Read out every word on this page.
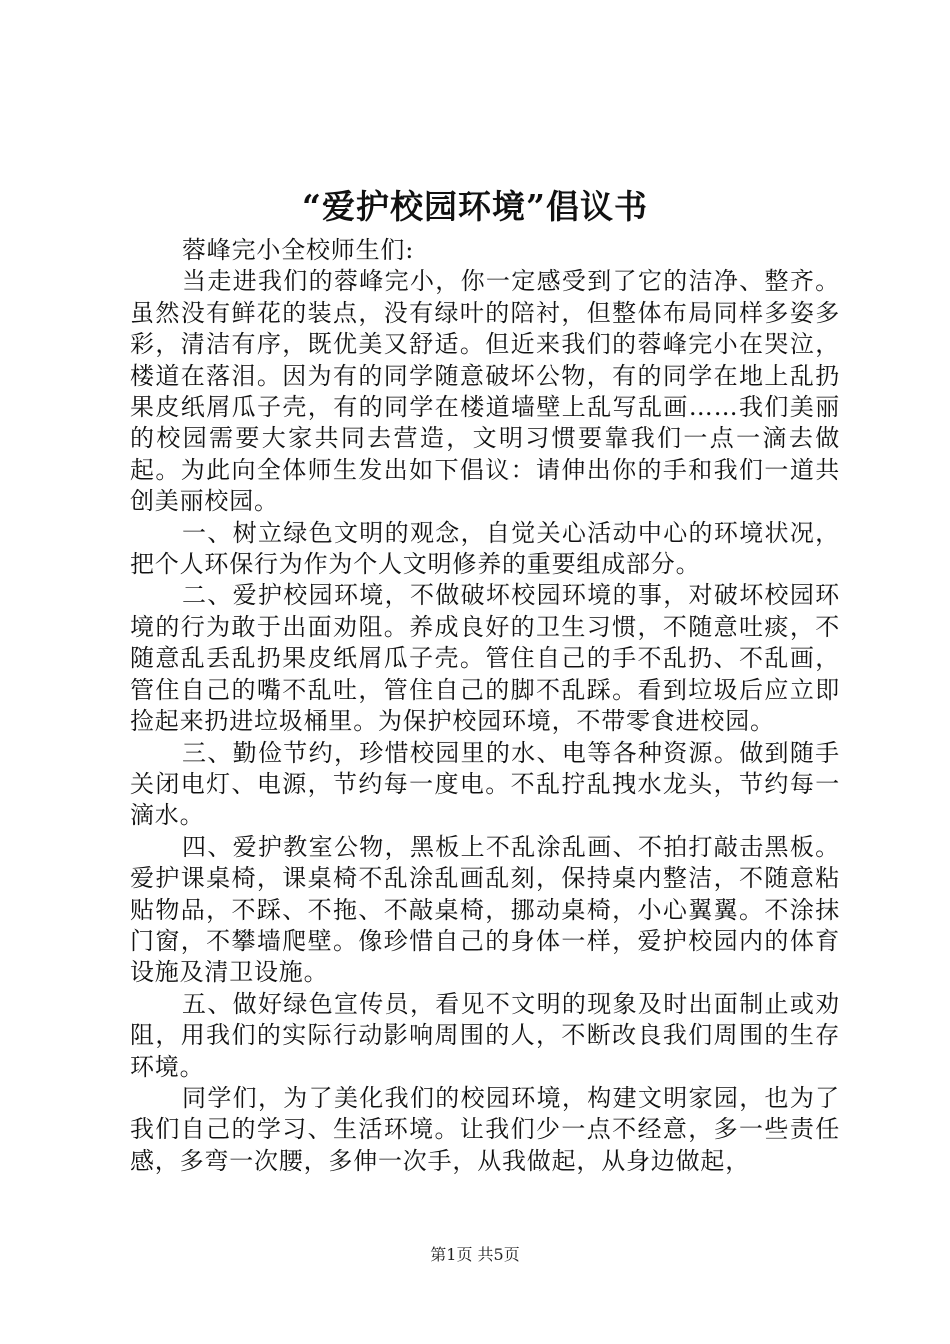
“爱护校园环境”倡议书

蓉峰完小全校师生们:

当走进我们的蓉峰完小，你一定感受到了它的洁净、整齐。虽然没有鲜花的装点，没有绿叶的陪衬，但整体布局同样多姿多彩，清洁有序，既优美又舒适。但近来我们的蓉峰完小在哭泣，楼道在落泪。因为有的同学随意破坏公物，有的同学在地上乱扔果皮纸屑瓜子壳，有的同学在楼道墙壁上乱写乱画……我们美丽的校园需要大家共同去营造，文明习惯要靠我们一点一滴去做起。为此向全体师生发出如下倡议：请伸出你的手和我们一道共创美丽校园。

一、树立绿色文明的观念，自觉关心活动中心的环境状况，把个人环保行为作为个人文明修养的重要组成部分。

二、爱护校园环境，不做破坏校园环境的事，对破坏校园环境的行为敢于出面劝阻。养成良好的卫生习惯，不随意吐痰，不随意乱丢乱扔果皮纸屑瓜子壳。管住自己的手不乱扔、不乱画，管住自己的嘴不乱吐，管住自己的脚不乱踩。看到垃圾后应立即捡起来扔进垃圾桶里。为保护校园环境，不带零食进校园。

三、勤俭节约，珍惜校园里的水、电等各种资源。做到随手关闭电灯、电源，节约每一度电。不乱拧乱拽水龙头，节约每一滴水。

四、爱护教室公物，黑板上不乱涂乱画、不拍打敲击黑板。爱护课桌椅，课桌椅不乱涂乱画乱刻，保持桌内整洁，不随意粘贴物品，不踩、不拖、不敲桌椅，挪动桌椅，小心翼翼。不涂抹门窗，不攀墙爬壁。像珍惜自己的身体一样，爱护校园内的体育设施及清卫设施。

五、做好绿色宣传员，看见不文明的现象及时出面制止或劝阻，用我们的实际行动影响周围的人，不断改良我们周围的生存环境。

同学们，为了美化我们的校园环境，构建文明家园，也为了我们自己的学习、生活环境。让我们少一点不经意，多一些责任感，多弯一次腰，多伸一次手，从我做起，从身边做起，

第1页 共5页
